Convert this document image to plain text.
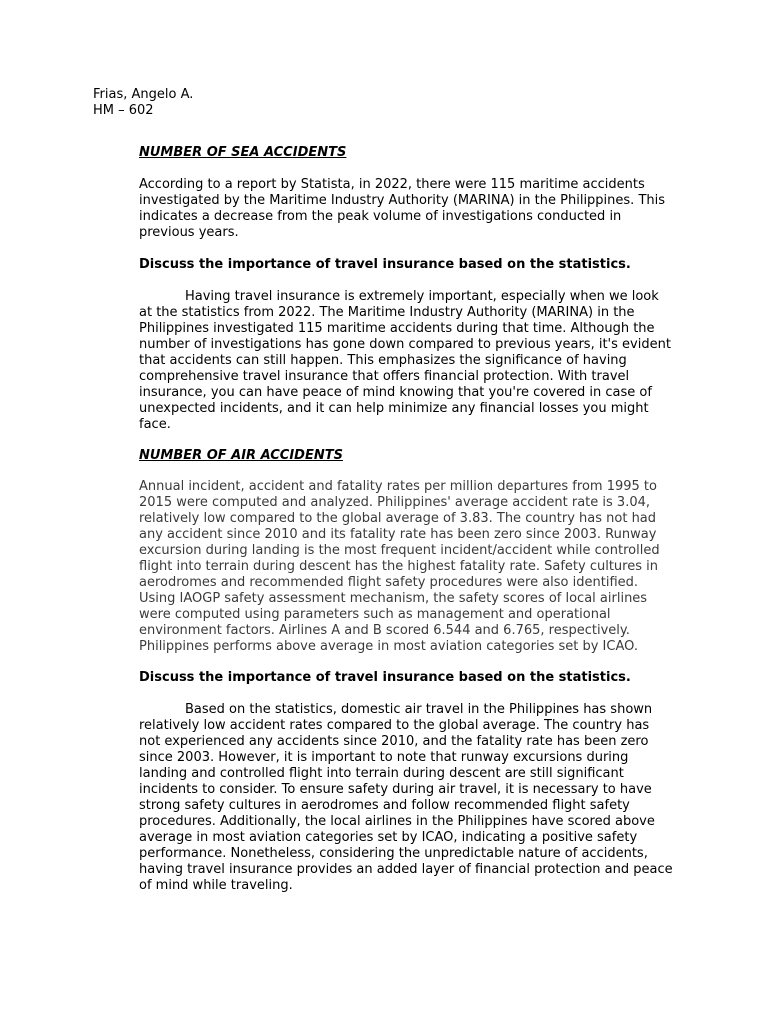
Frias, Angelo A.
HM – 602

NUMBER OF SEA ACCIDENTS

According to a report by Statista, in 2022, there were 115 maritime accidents investigated by the Maritime Industry Authority (MARINA) in the Philippines. This indicates a decrease from the peak volume of investigations conducted in previous years.

Discuss the importance of travel insurance based on the statistics.

Having travel insurance is extremely important, especially when we look at the statistics from 2022. The Maritime Industry Authority (MARINA) in the Philippines investigated 115 maritime accidents during that time. Although the number of investigations has gone down compared to previous years, it's evident that accidents can still happen. This emphasizes the significance of having comprehensive travel insurance that offers financial protection. With travel insurance, you can have peace of mind knowing that you're covered in case of unexpected incidents, and it can help minimize any financial losses you might face.

NUMBER OF AIR ACCIDENTS

Annual incident, accident and fatality rates per million departures from 1995 to 2015 were computed and analyzed. Philippines' average accident rate is 3.04, relatively low compared to the global average of 3.83. The country has not had any accident since 2010 and its fatality rate has been zero since 2003. Runway excursion during landing is the most frequent incident/accident while controlled flight into terrain during descent has the highest fatality rate. Safety cultures in aerodromes and recommended flight safety procedures were also identified. Using IAOGP safety assessment mechanism, the safety scores of local airlines were computed using parameters such as management and operational environment factors. Airlines A and B scored 6.544 and 6.765, respectively. Philippines performs above average in most aviation categories set by ICAO.

Discuss the importance of travel insurance based on the statistics.

Based on the statistics, domestic air travel in the Philippines has shown relatively low accident rates compared to the global average. The country has not experienced any accidents since 2010, and the fatality rate has been zero since 2003. However, it is important to note that runway excursions during landing and controlled flight into terrain during descent are still significant incidents to consider. To ensure safety during air travel, it is necessary to have strong safety cultures in aerodromes and follow recommended flight safety procedures. Additionally, the local airlines in the Philippines have scored above average in most aviation categories set by ICAO, indicating a positive safety performance. Nonetheless, considering the unpredictable nature of accidents, having travel insurance provides an added layer of financial protection and peace of mind while traveling.
